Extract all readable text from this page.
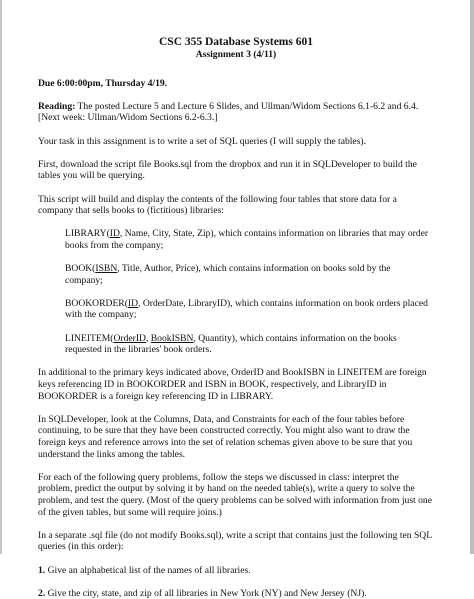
CSC 355 Database Systems 601
Assignment 3 (4/11)

Due 6:00:00pm, Thursday 4/19.

Reading: The posted Lecture 5 and Lecture 6 Slides, and Ullman/Widom Sections 6.1-6.2 and 6.4. [Next week: Ullman/Widom Sections 6.2-6.3.]

Your task in this assignment is to write a set of SQL queries (I will supply the tables).

First, download the script file Books.sql from the dropbox and run it in SQLDeveloper to build the tables you will be querying.

This script will build and display the contents of the following four tables that store data for a company that sells books to (fictitious) libraries:

LIBRARY(ID, Name, City, State, Zip), which contains information on libraries that may order books from the company;

BOOK(ISBN, Title, Author, Price), which contains information on books sold by the company;

BOOKORDER(ID, OrderDate, LibraryID), which contains information on book orders placed with the company;

LINEITEM(OrderID, BookISBN, Quantity), which contains information on the books requested in the libraries' book orders.

In additional to the primary keys indicated above, OrderID and BookISBN in LINEITEM are foreign keys referencing ID in BOOKORDER and ISBN in BOOK, respectively, and LibraryID in BOOKORDER is a foreign key referencing ID in LIBRARY.

In SQLDeveloper, look at the Columns, Data, and Constraints for each of the four tables before continuing, to be sure that they have been constructed correctly. You might also want to draw the foreign keys and reference arrows into the set of relation schemas given above to be sure that you understand the links among the tables.

For each of the following query problems, follow the steps we discussed in class: interpret the problem, predict the output by solving it by hand on the needed table(s), write a query to solve the problem, and test the query. (Most of the query problems can be solved with information from just one of the given tables, but some will require joins.)

In a separate .sql file (do not modify Books.sql), write a script that contains just the following ten SQL queries (in this order):

1. Give an alphabetical list of the names of all libraries.

2. Give the city, state, and zip of all libraries in New York (NY) and New Jersey (NJ).
